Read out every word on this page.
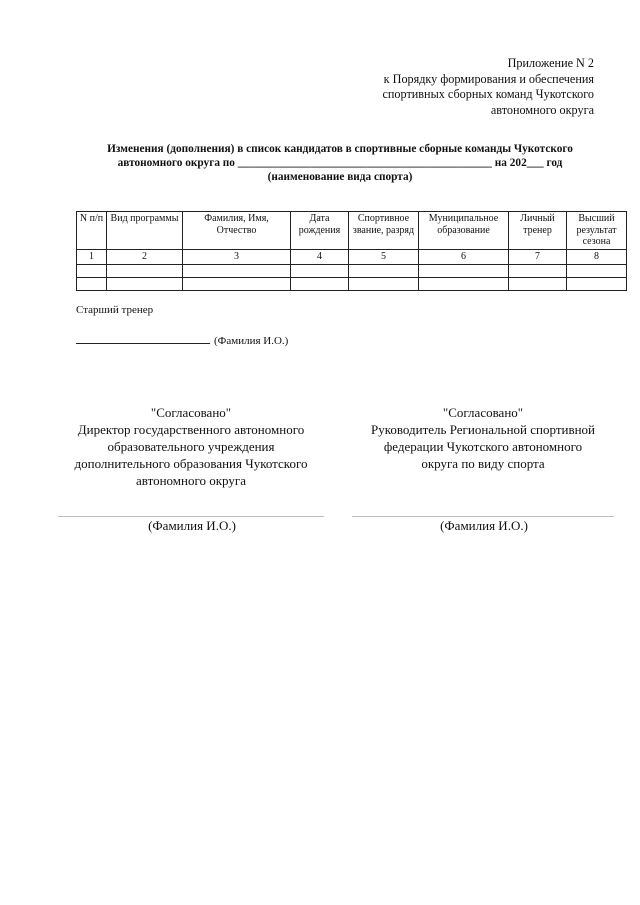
Приложение N 2
к Порядку формирования и обеспечения
спортивных сборных команд Чукотского
автономного округа
Изменения (дополнения) в список кандидатов в спортивные сборные команды Чукотского
автономного округа по _____________________________________________ на 202___ год
(наименование вида спорта)
N п/п	Вид программы	Фамилия, Имя, Отчество	Дата рождения	Спортивное звание, разряд	Муниципальное образование	Личный тренер	Высший результат сезона
1	2	3	4	5	6	7	8

Старший тренер
(Фамилия И.О.)
"Согласовано"
Директор государственного автономного
образовательного учреждения
дополнительного образования Чукотского
автономного округа
"Согласовано"
Руководитель Региональной спортивной
федерации Чукотского автономного
округа по виду спорта
(Фамилия И.О.)	(Фамилия И.О.)
